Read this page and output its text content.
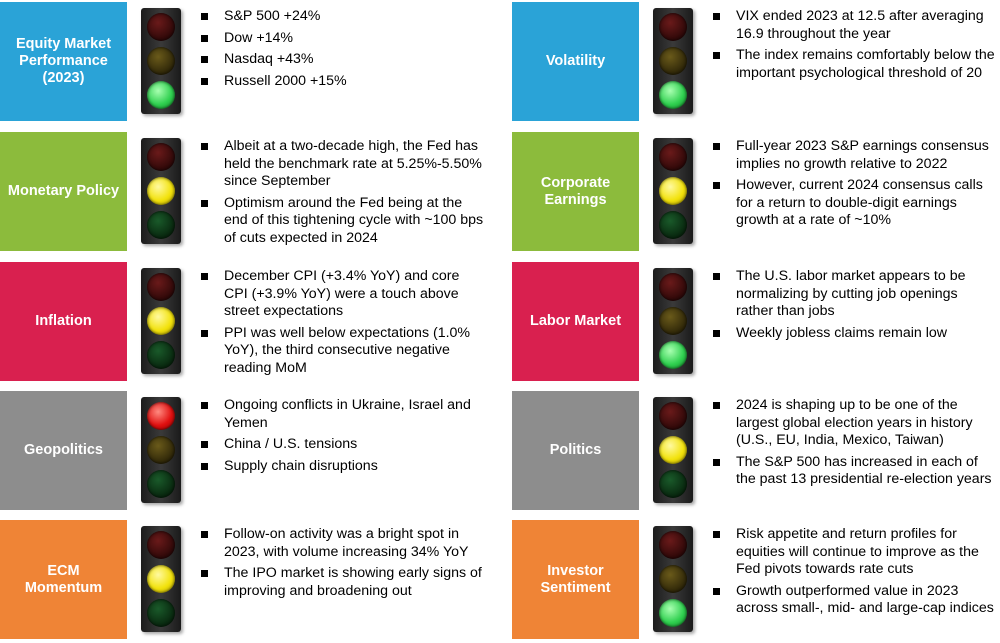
Equity Market
Performance
(2023)
S&P 500 +24%
Dow +14%
Nasdaq +43%
Russell 2000 +15%
Volatility
VIX ended 2023 at 12.5 after averaging 16.9 throughout the year
The index remains comfortably below the important psychological threshold of 20
Monetary Policy
Albeit at a two-decade high, the Fed has held the benchmark rate at 5.25%-5.50% since September
Optimism around the Fed being at the end of this tightening cycle with ~100 bps of cuts expected in 2024
Corporate
Earnings
Full-year 2023 S&P earnings consensus implies no growth relative to 2022
However, current 2024 consensus calls for a return to double-digit earnings growth at a rate of ~10%
Inflation
December CPI (+3.4% YoY) and core CPI (+3.9% YoY) were a touch above street expectations
PPI was well below expectations (1.0% YoY), the third consecutive negative reading MoM
Labor Market
The U.S. labor market appears to be normalizing by cutting job openings rather than jobs
Weekly jobless claims remain low
Geopolitics
Ongoing conflicts in Ukraine, Israel and Yemen
China / U.S. tensions
Supply chain disruptions
Politics
2024 is shaping up to be one of the largest global election years in history (U.S., EU, India, Mexico, Taiwan)
The S&P 500 has increased in each of the past 13 presidential re-election years
ECM
Momentum
Follow-on activity was a bright spot in 2023, with volume increasing 34% YoY
The IPO market is showing early signs of improving and broadening out
Investor
Sentiment
Risk appetite and return profiles for equities will continue to improve as the Fed pivots towards rate cuts
Growth outperformed value in 2023 across small-, mid- and large-cap indices
